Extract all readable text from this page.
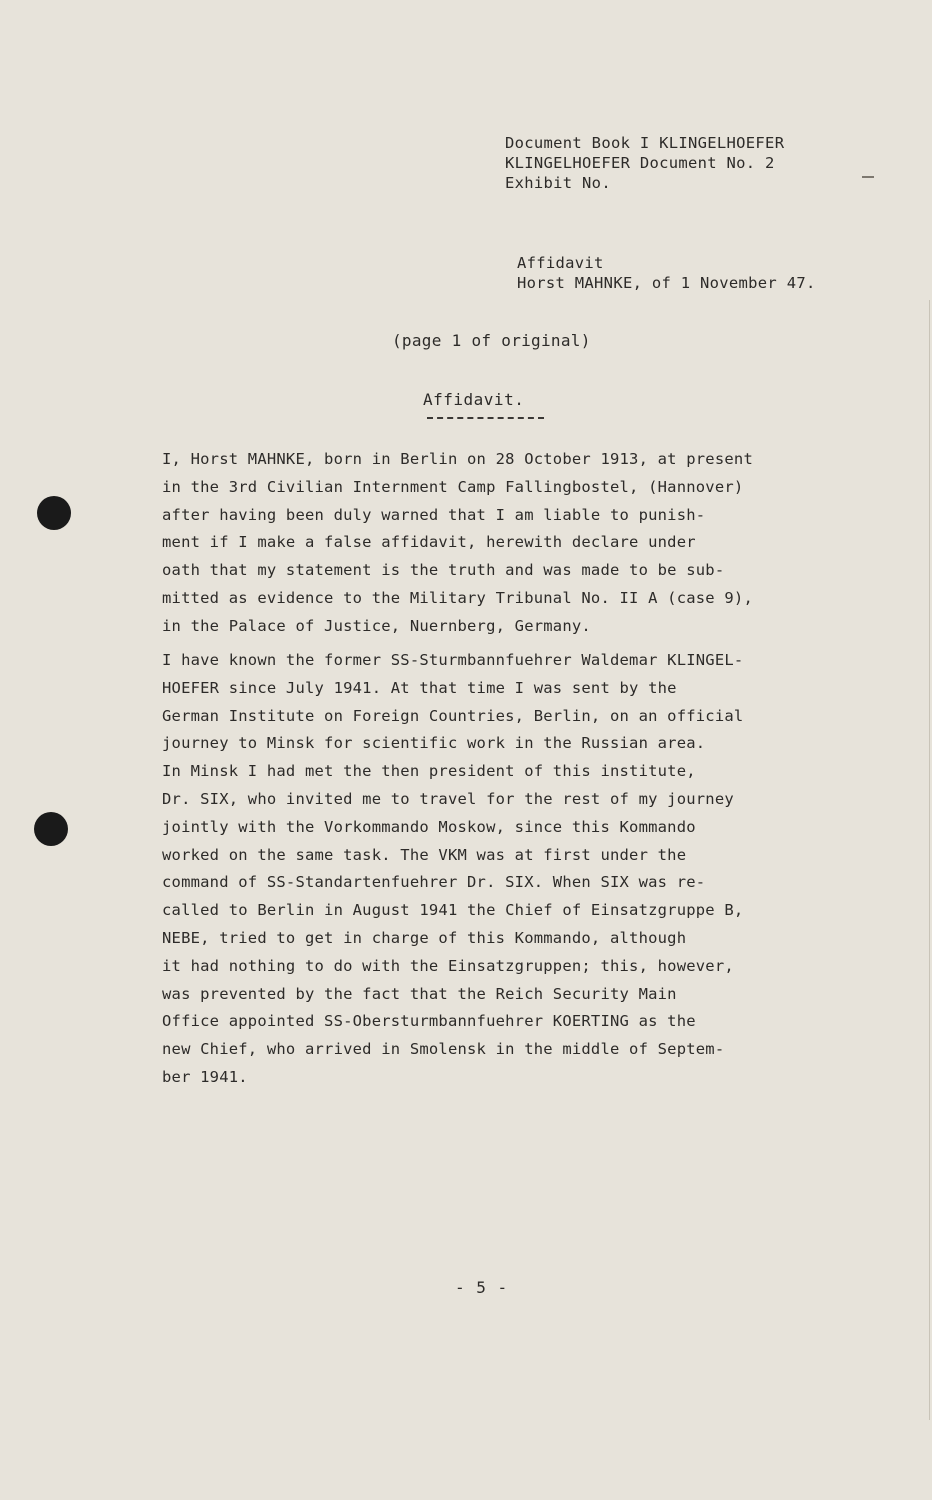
Document Book I KLINGELHOEFER
KLINGELHOEFER Document No. 2
Exhibit No.
Affidavit
Horst MAHNKE, of 1 November 47.
(page 1 of original)
Affidavit.
I, Horst MAHNKE, born in Berlin on 28 October 1913, at present
in the 3rd Civilian Internment Camp Fallingbostel, (Hannover)
after having been duly warned that I am liable to punish-
ment if I make a false affidavit, herewith declare under
oath that my statement is the truth and was made to be sub-
mitted as evidence to the Military Tribunal No. II A (case 9),
in the Palace of Justice, Nuernberg, Germany.
I have known the former SS-Sturmbannfuehrer Waldemar KLINGEL-
HOEFER since July 1941. At that time I was sent by the
German Institute on Foreign Countries, Berlin, on an official
journey to Minsk for scientific work in the Russian area.
In Minsk I had met the then president of this institute,
Dr. SIX, who invited me to travel for the rest of my journey
jointly with the Vorkommando Moskow, since this Kommando
worked on the same task. The VKM was at first under the
command of SS-Standartenfuehrer Dr. SIX. When SIX was re-
called to Berlin in August 1941 the Chief of Einsatzgruppe B,
NEBE, tried to get in charge of this Kommando, although
it had nothing to do with the Einsatzgruppen; this, however,
was prevented by the fact that the Reich Security Main
Office appointed SS-Obersturmbannfuehrer KOERTING as the
new Chief, who arrived in Smolensk in the middle of Septem-
ber 1941.
- 5 -
